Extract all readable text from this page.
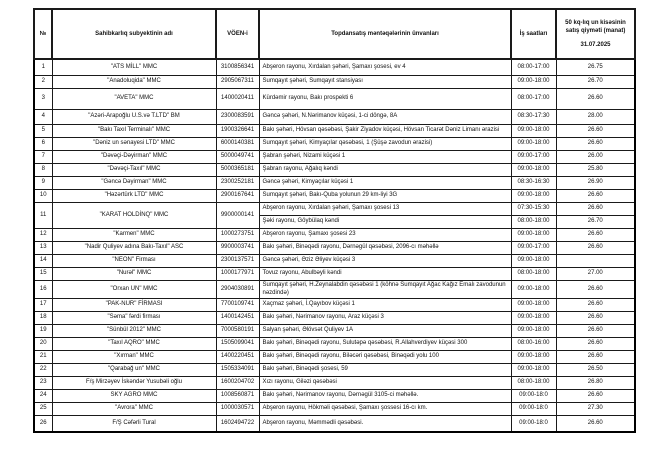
№	Sahibkarlıq subyektinin adı	VÖEN-i	Topdansatış məntəqələrinin ünvanları	İş saatları	50 kq-lıq un kisəsinin satış qiyməti (manat)
31.07.2025

1	"ATS MİLL" MMC	3100856341	Abşeron rayonu, Xırdalan şəhəri, Şamaxı şosesi, ev 4	08:00-17:00	26.75
2	"Anadoluqida" MMC	2905067311	Sumqayıt şəhəri, Sumqayıt stansiyası	09:00-18:00	26.70
3	"AVETA" MMC	1400020411	Kürdəmir rayonu, Bakı prospekti 6	08:00-17:00	26.60
4	"Azəri-Arapoğlu U.S.və T.LTD" BM	2300083591	Gəncə şəhəri, N.Nərimanov küçəsi, 1-ci döngə, 8A	08:30-17:30	28.00
5	"Bakı Taxıl Terminalı" MMC	1900326641	Bakı şəhəri, Hövsan qəsəbəsi, Şakir Ziyadov küçəsi, Hövsan Ticarət Dəniz Limanı ərazisi	09:00-18:00	26.60
6	"Dəniz un sənayesi LTD" MMC	6000140381	Sumqayıt şəhəri, Kimyaçılar qəsəbəsi, 1 (Şüşə zavodun ərazisi)	09:00-18:00	26.60
7	"Dəvəçi-Dəyirman" MMC	5000049741	Şabran şəhəri, Nizami küçəsi 1	09:00-17:00	26.00
8	"Dəvəçi-Taxıl" MMC	5000365181	Şabran rayonu, Ağalıq kəndi	09:00-18:00	25.80
9	"Gəncə Dəyirman" MMC	2300252181	Gəncə şəhəri, Kimyaçılar küçəsi 1	08:30-16:30	26.90
10	"Həzərtürk LTD" MMC	2900167641	Sumqayıt şəhəri, Bakı-Quba yolunun 29 km-liyi 3G	09:00-18:00	26.60
11	"KARAT HOLDİNQ" MMC	9900000141	Abşeron rayonu, Xırdalan şəhəri, Şamaxı şosesi 13	07:30-15:30	26.60
			Şəki rayonu, Göybülaq kəndi	08:00-18:00	26.70
12	"Karmen" MMC	1000273751	Abşeron rayonu, Şamaxı şosesi 23	09:00-18:00	26.60
13	"Nadir Quliyev adına Bakı-Taxıl" ASC	9900003741	Bakı şəhəri, Binəqədi rayonu, Dərnəgül qəsəbəsi, 2096-cı məhəllə	09:00-17:00	26.60
14	"NEON" Firması	2300137571	Gəncə şəhəri, Əziz Əliyev küçəsi 3	09:00-18:00	
15	"Nurəl" MMC	1000177971	Tovuz rayonu, Abulbəyli kəndi	08:00-18:00	27.00
16	"Orxan UN" MMC	2904030891	Sumqayıt şəhəri, H.Zeynalabdin qəsəbəsi 1 (köhnə Sumqayıt Ağac Kağız Emalı zavodunun nəzdində)	09:00-18:00	26.60
17	"PAK-NUR" FİRMASI	7700109741	Xaçmaz şəhəri, İ.Qayıbov küçəsi 1	09:00-18:00	26.60
18	"Səma" fərdi firması	1400142451	Bakı şəhəri, Nərimanov rayonu, Araz küçəsi 3	09:00-18:00	26.60
19	"Sünbül 2012" MMC	7000580191	Salyan şəhəri, Əlövsət Quliyev 1A	09:00-18:00	26.60
20	"Taxıl AQRO" MMC	1505099041	Bakı şəhəri, Binəqədi rayonu, Sulutəpə qəsəbəsi, R.Allahverdiyev küçəsi 300	08:00-16:00	26.60
21	"Xırman" MMC	1400220451	Bakı şəhəri, Binəqədi rayonu, Biləcəri qəsəbəsi, Binəqədi yolu 100	09:00-18:00	26.60
22	"Qarabağ un" MMC	1505334091	Bakı şəhəri, Binəqədi şosesi, 59	09:00-18:00	26.50
23	F/ş Mirzəyev İskəndər Yusubəli oğlu	1600204702	Xızı rayonu, Giləzi qəsəbəsi	08:00-18:00	26.80
24	SKY AGRO MMC	1008560871	Bakı şəhəri, Nərimanov rayonu, Dərnəgül 3105-ci məhəllə.	09:00-18:0	26.60
25	"Avrora" MMC	1000030571	Abşeron rayonu, Hökməli qəsəbəsi, Şamaxı şossesi 16-cı km.	09:00-18:0	27.30
26	F/Ş Cəfərli Tural	1602494722	Abşeron rayonu, Məmmədli qəsəbəsi.	09:00-18:0	26.60
